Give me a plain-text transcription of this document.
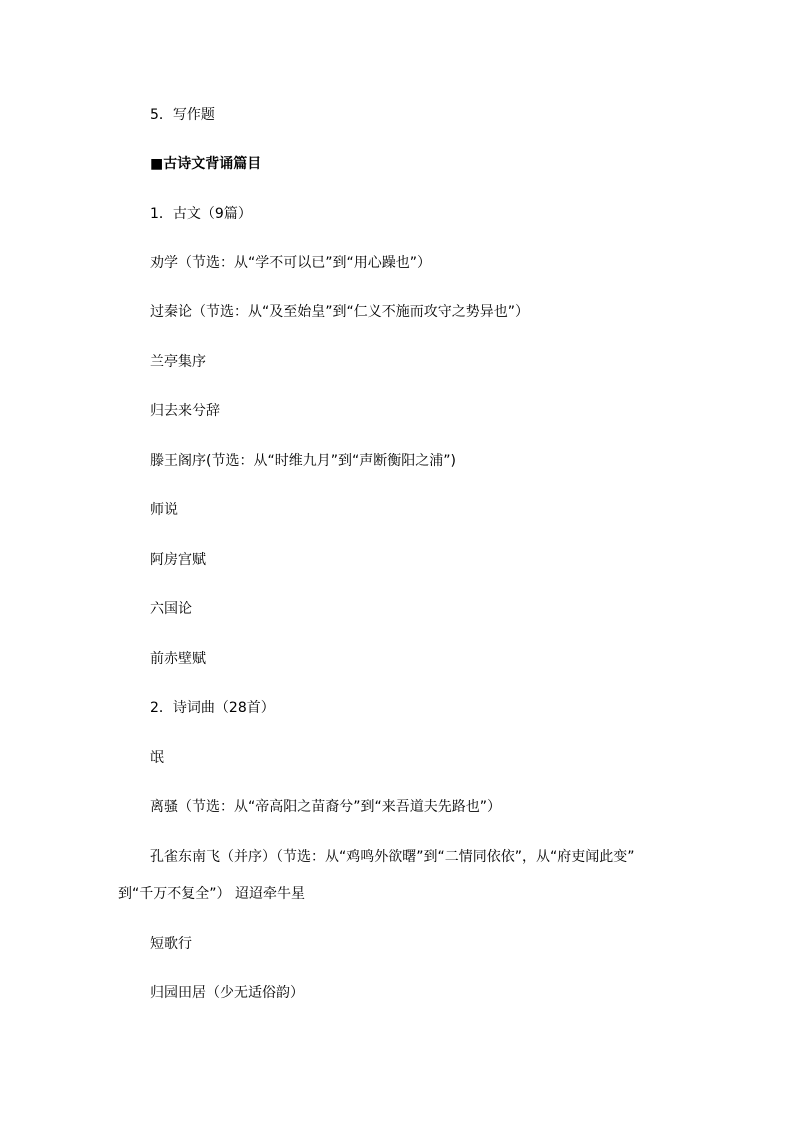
5．写作题
■古诗文背诵篇目
1．古文（9篇）
劝学（节选：从“学不可以已”到“用心躁也”）
过秦论（节选：从“及至始皇”到“仁义不施而攻守之势异也”）
兰亭集序
归去来兮辞
滕王阁序(节选：从“时维九月”到“声断衡阳之浦”)
师说
阿房宫赋
六国论
前赤壁赋
2．诗词曲（28首）
氓
离骚（节选：从“帝高阳之苗裔兮”到“来吾道夫先路也”）
孔雀东南飞（并序）（节选：从“鸡鸣外欲曙”到“二情同依依”，从“府吏闻此变”
到“千万不复全”） 迢迢牵牛星
短歌行
归园田居（少无适俗韵）
